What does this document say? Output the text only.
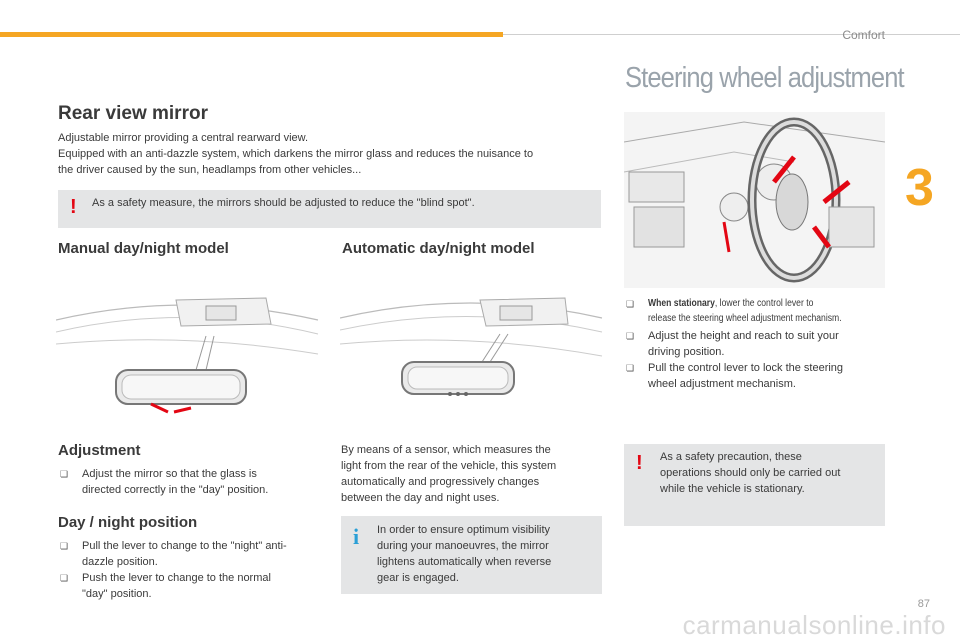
Comfort
3
carmanualsonline.info
Rear view mirror

Adjustable mirror providing a central rearward view.

Equipped with an anti-dazzle system, which darkens the mirror glass and reduces the nuisance to

the driver caused by the sun, headlamps from other vehicles...

! As a safety measure, the mirrors should be adjusted to reduce the "blind spot".

Manual day/night model	Automatic day/night model
Adjustment
❏	Adjust the mirror so that the glass is
directed correctly in the "day" position.
Day / night position
❏	Pull the lever to change to the "night" anti-
dazzle position.
❏	Push the lever to change to the normal
"day" position.

By means of a sensor, which measures the

light from the rear of the vehicle, this system

automatically and progressively changes

between the day and night uses.

i In order to ensure optimum visibility

during your manoeuvres, the mirror

lightens automatically when reverse

gear is engaged.

Steering wheel adjustment
❏ When stationary, lower the control lever to
release the steering wheel adjustment mechanism.
❏	Adjust the height and reach to suit your
driving position.
❏	Pull the control lever to lock the steering
wheel adjustment mechanism.
! As a safety precaution, these

operations should only be carried out

while the vehicle is stationary.

87
